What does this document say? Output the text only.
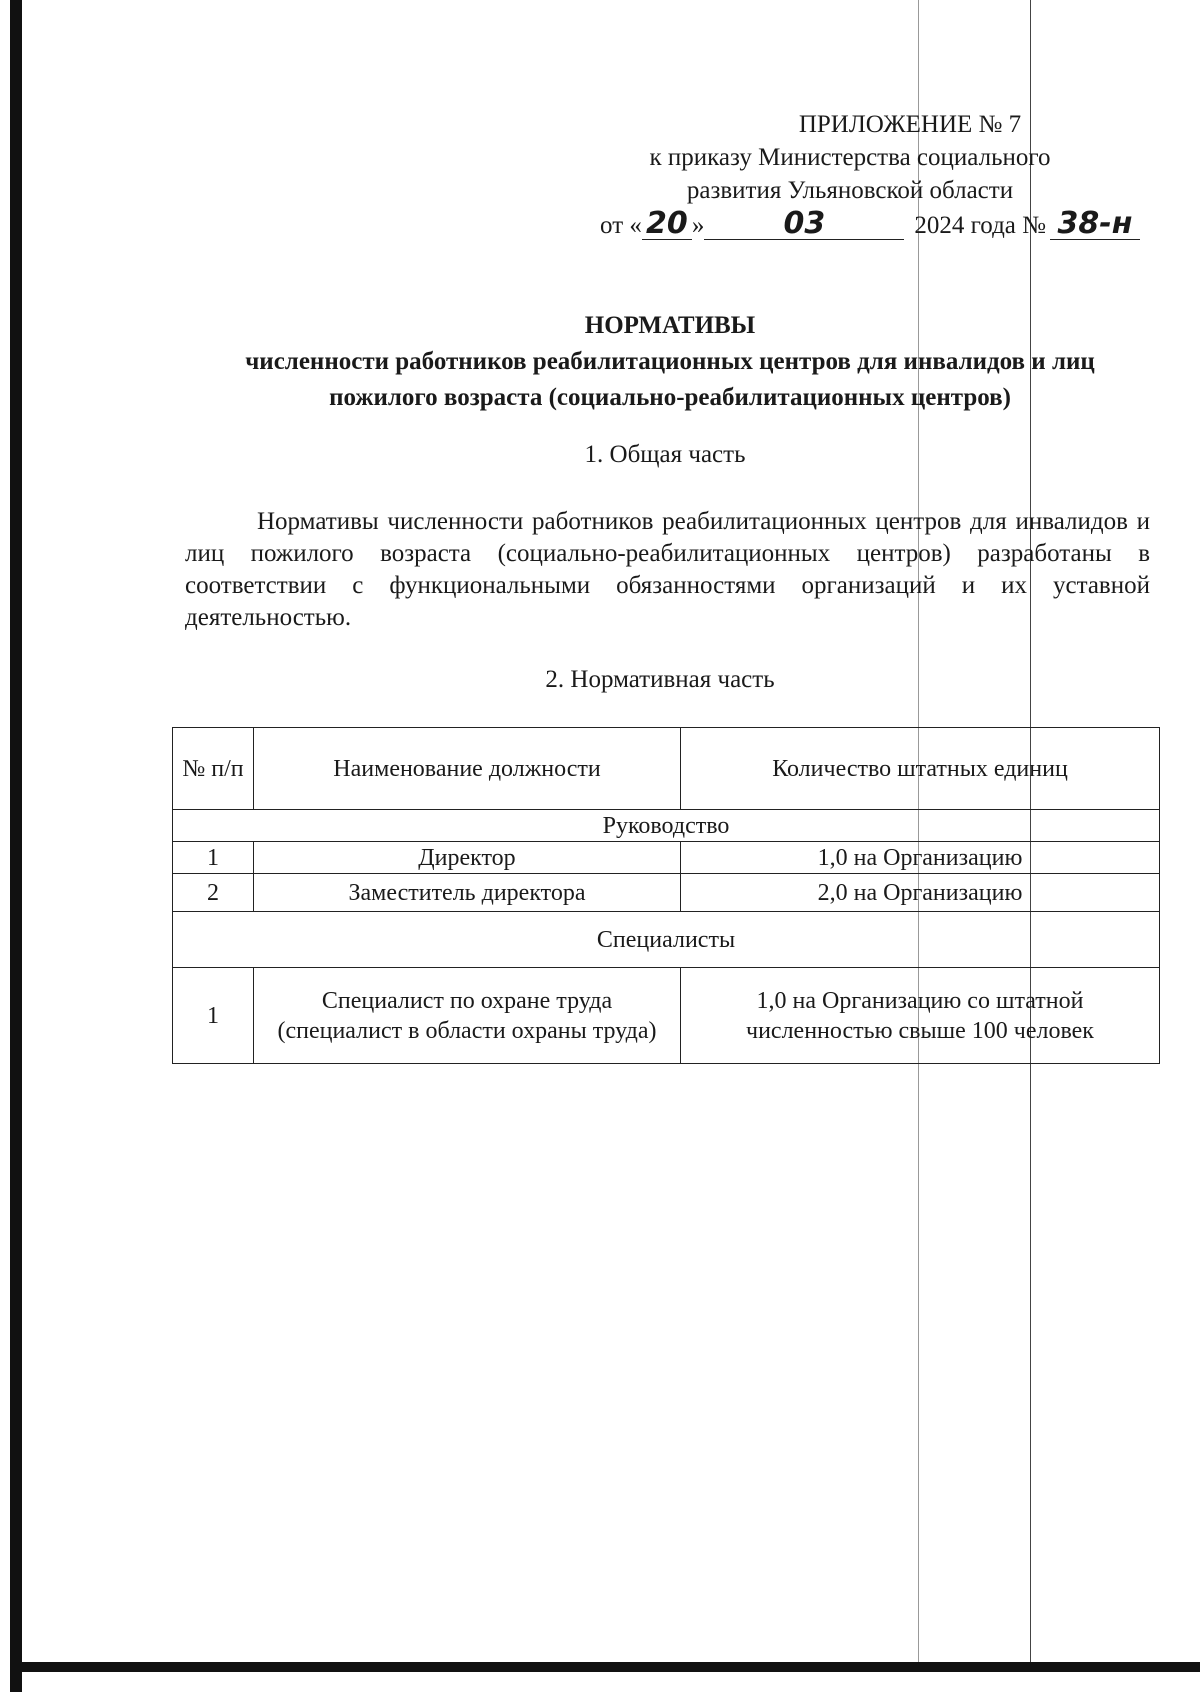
ПРИЛОЖЕНИЕ № 7
к приказу Министерства социального
развития Ульяновской области
от « 20 »	03	2024 года № 38-н
НОРМАТИВЫ
численности работников реабилитационных центров для инвалидов и лиц пожилого возраста (социально-реабилитационных центров)
1. Общая часть
Нормативы численности работников реабилитационных центров для инвалидов и лиц пожилого возраста (социально-реабилитационных центров) разработаны в соответствии с функциональными обязанностями организаций и их уставной деятельностью.
2. Нормативная часть
№ п/п	Наименование должности	Количество штатных единиц
Руководство		
1	Директор	1,0 на Организацию
2	Заместитель директора	2,0 на Организацию
Специалисты		
1	Специалист по охране труда (специалист в области охраны труда)	1,0 на Организацию со штатной численностью свыше 100 человек
